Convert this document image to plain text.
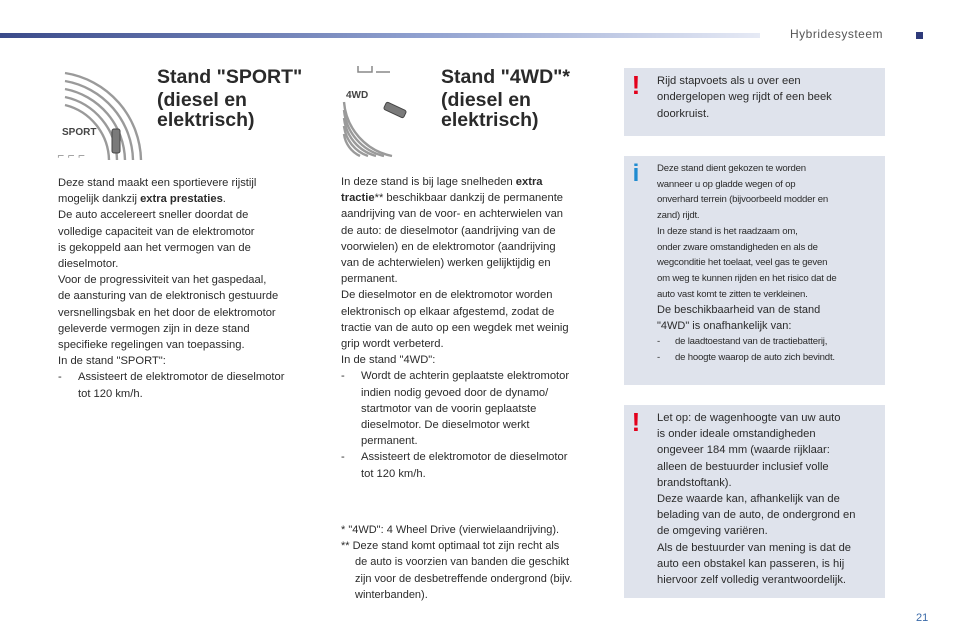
Hybridesysteem
SPORT
⌐ ⌐ ⌐
4WD
Stand "SPORT"
(diesel en
elektrisch)

Deze stand maakt een sportievere rijstijl

mogelijk dankzij extra prestaties.

De auto accelereert sneller doordat de

volledige capaciteit van de elektromotor

is gekoppeld aan het vermogen van de

dieselmotor.

Voor de progressiviteit van het gaspedaal,

de aansturing van de elektronisch gestuurde

versnellingsbak en het door de elektromotor

geleverde vermogen zijn in deze stand

specifieke regelingen van toepassing.

In de stand "SPORT":

- Assisteert de elektromotor de dieselmotor

tot 120 km/h.

Stand "4WD"*
(diesel en
elektrisch)

In deze stand is bij lage snelheden extra

tractie** beschikbaar dankzij de permanente

aandrijving van de voor- en achterwielen van

de auto: de dieselmotor (aandrijving van de

voorwielen) en de elektromotor (aandrijving

van de achterwielen) werken gelijktijdig en

permanent.

De dieselmotor en de elektromotor worden

elektronisch op elkaar afgestemd, zodat de

tractie van de auto op een wegdek met weinig

grip wordt verbeterd.

In de stand "4WD":

- Wordt de achterin geplaatste elektromotor

indien nodig gevoed door de dynamo/

startmotor van de voorin geplaatste

dieselmotor. De dieselmotor werkt

permanent.

- Assisteert de elektromotor de dieselmotor

tot 120 km/h.

* "4WD": 4 Wheel Drive (vierwielaandrijving).

** Deze stand komt optimaal tot zijn recht als

de auto is voorzien van banden die geschikt

zijn voor de desbetreffende ondergrond (bijv.

winterbanden).

!	Rijd stapvoets als u over een

ondergelopen weg rijdt of een beek

doorkruist.

i	Deze stand dient gekozen te worden

wanneer u op gladde wegen of op

onverhard terrein (bijvoorbeeld modder en

zand) rijdt.

In deze stand is het raadzaam om,

onder zware omstandigheden en als de

wegconditie het toelaat, veel gas te geven

om weg te kunnen rijden en het risico dat de

auto vast komt te zitten te verkleinen.

De beschikbaarheid van de stand

"4WD" is onafhankelijk van:

- de laadtoestand van de tractiebatterij,

- de hoogte waarop de auto zich bevindt.

!	Let op: de wagenhoogte van uw auto

is onder ideale omstandigheden

ongeveer 184 mm (waarde rijklaar:

alleen de bestuurder inclusief volle

brandstoftank).

Deze waarde kan, afhankelijk van de

belading van de auto, de ondergrond en

de omgeving variëren.

Als de bestuurder van mening is dat de

auto een obstakel kan passeren, is hij

hiervoor zelf volledig verantwoordelijk.

21
